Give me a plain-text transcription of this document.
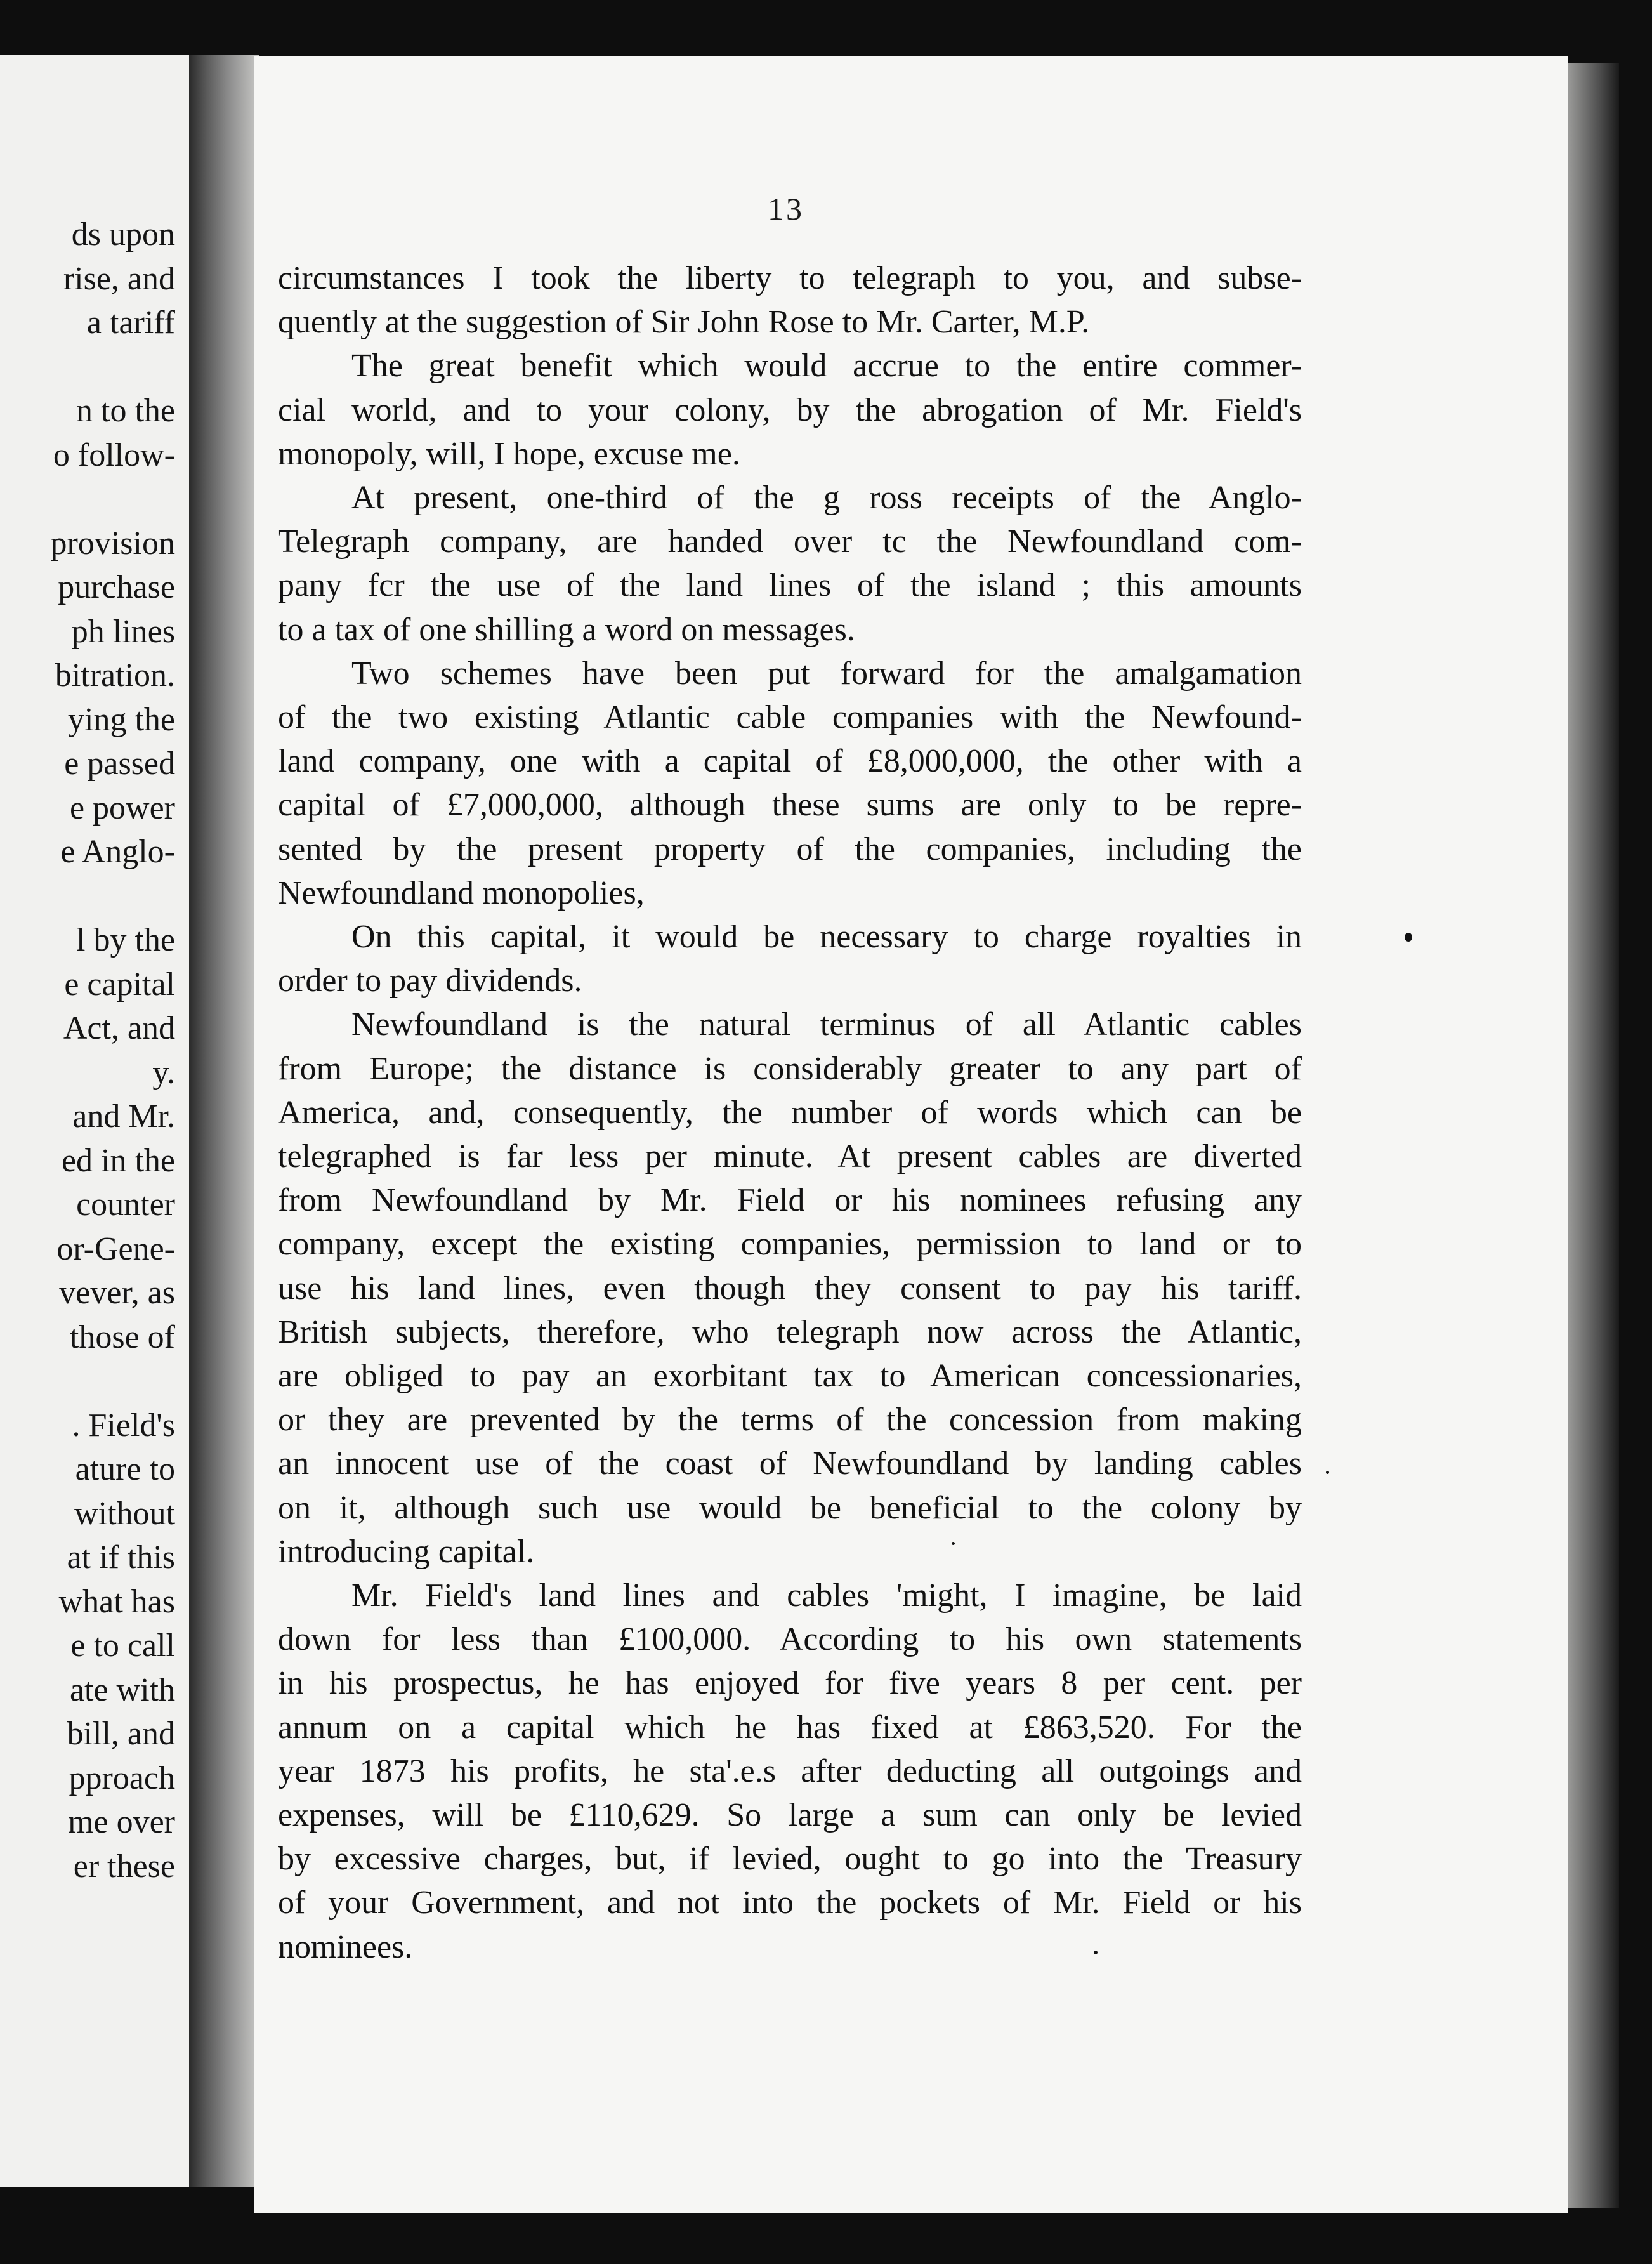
ds upon
rise, and
a tariff
n to the
o follow-
provision
purchase
ph lines
bitration.
ying the
e passed
e power
e Anglo-
l by the
e capital
Act, and
y.
and Mr.
ed in the
counter
or-Gene-
vever, as
those of
. Field's
ature to
without
at if this
what has
e to call
ate with
bill, and
pproach
me over
er these
13
circumstances I took the liberty to telegraph to you, and subse-
quently at the suggestion of Sir John Rose to Mr. Carter, M.P.
The great benefit which would accrue to the entire commer-
cial world, and to your colony, by the abrogation of Mr. Field's
monopoly, will, I hope, excuse me.
At present, one-third of the g ross receipts of the Anglo-
Telegraph company, are handed over tc the Newfoundland com-
pany fcr the use of the land lines of the island ; this amounts
to a tax of one shilling a word on messages.
Two schemes have been put forward for the amalgamation
of the two existing Atlantic cable companies with the Newfound-
land company, one with a capital of £8,000,000, the other with a
capital of £7,000,000, although these sums are only to be repre-
sented by the present property of the companies, including the
Newfoundland monopolies,
On this capital, it would be necessary to charge royalties in
order to pay dividends.
Newfoundland is the natural terminus of all Atlantic cables
from Europe; the distance is considerably greater to any part of
America, and, consequently, the number of words which can be
telegraphed is far less per minute. At present cables are diverted
from Newfoundland by Mr. Field or his nominees refusing any
company, except the existing companies, permission to land or to
use his land lines, even though they consent to pay his tariff.
British subjects, therefore, who telegraph now across the Atlantic,
are obliged to pay an exorbitant tax to American concessionaries,
or they are prevented by the terms of the concession from making
an innocent use of the coast of Newfoundland by landing cables
on it, although such use would be beneficial to the colony by
introducing capital.
Mr. Field's land lines and cables 'might, I imagine, be laid
down for less than £100,000. According to his own statements
in his prospectus, he has enjoyed for five years 8 per cent. per
annum on a capital which he has fixed at £863,520. For the
year 1873 his profits, he sta'.e.s after deducting all outgoings and
expenses, will be £110,629. So large a sum can only be levied
by excessive charges, but, if levied, ought to go into the Treasury
of your Government, and not into the pockets of Mr. Field or his
nominees.
